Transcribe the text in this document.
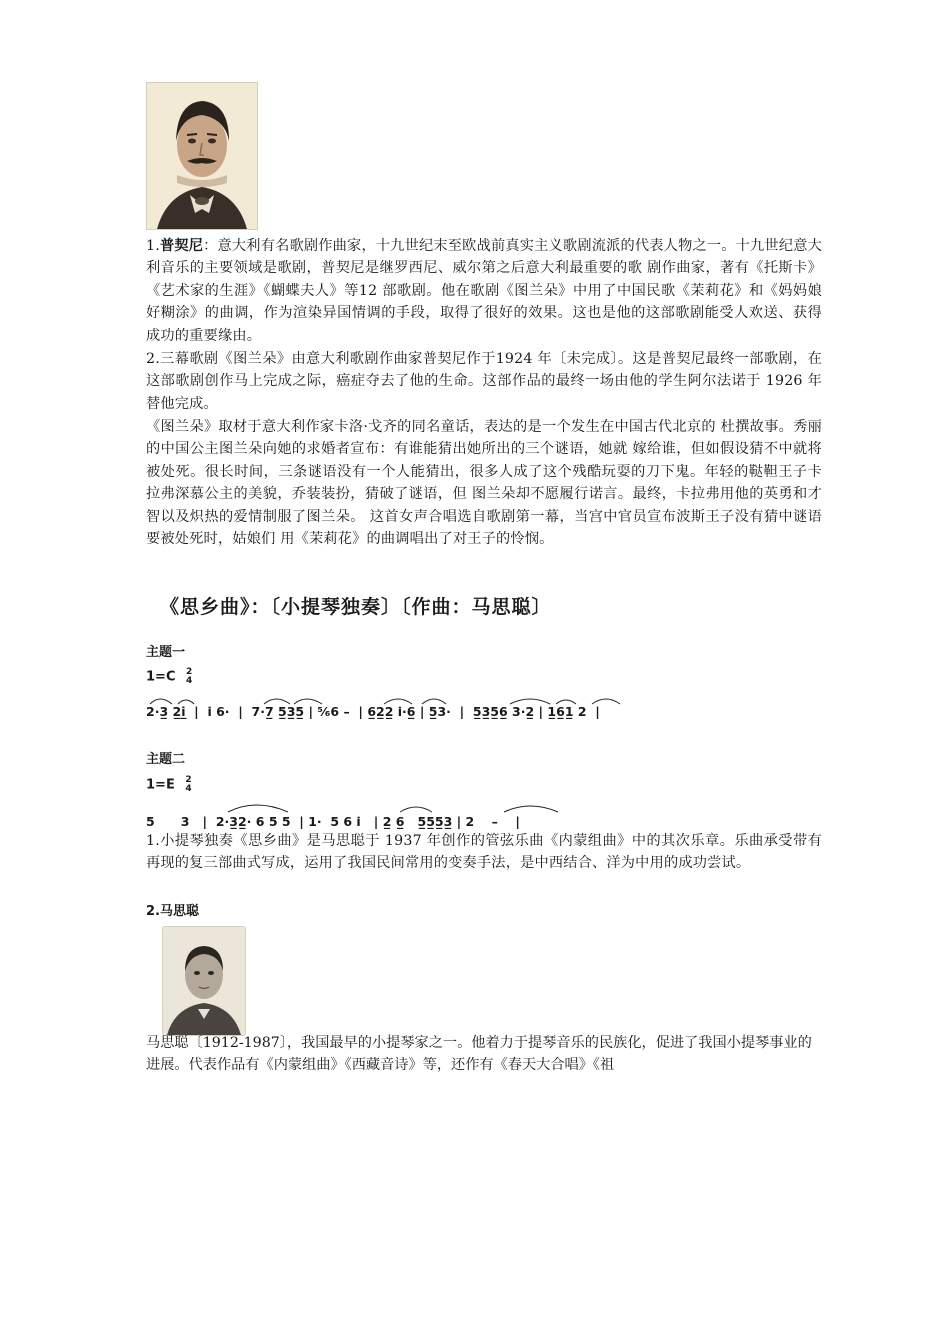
1.普契尼：意大利有名歌剧作曲家，十九世纪末至欧战前真实主义歌剧流派的代表人物之一。十九世纪意大利音乐的主要领域是歌剧，普契尼是继罗西尼、威尔第之后意大利最重要的歌 剧作曲家，著有《托斯卡》《艺术家的生涯》《蝴蝶夫人》等12 部歌剧。他在歌剧《图兰朵》中用了中国民歌《茉莉花》和《妈妈娘好糊涂》的曲调，作为渲染异国情调的手段，取得了很好的效果。这也是他的这部歌剧能受人欢送、获得成功的重要缘由。
2.三幕歌剧《图兰朵》由意大利歌剧作曲家普契尼作于1924 年〔未完成〕。这是普契尼最终一部歌剧，在这部歌剧创作马上完成之际，癌症夺去了他的生命。这部作品的最终一场由他的学生阿尔法诺于 1926 年替他完成。
《图兰朵》取材于意大利作家卡洛·戈齐的同名童话，表达的是一个发生在中国古代北京的 杜撰故事。秀丽的中国公主图兰朵向她的求婚者宣布：有谁能猜出她所出的三个谜语，她就 嫁给谁，但如假设猜不中就将被处死。很长时间，三条谜语没有一个人能猜出，很多人成了这个残酷玩耍的刀下鬼。年轻的鞑靼王子卡拉弗深慕公主的美貌，乔装装扮，猜破了谜语，但 图兰朵却不愿履行诺言。最终，卡拉弗用他的英勇和才智以及炽热的爱情制服了图兰朵。 这首女声合唱选自歌剧第一幕，当宫中官员宣布波斯王子没有猜中谜语要被处死时，姑娘们 用《茉莉花》的曲调唱出了对王子的怜悯。
《思乡曲》：〔小提琴独奏〕〔作曲：马思聪〕
主题一
1=C 2
4
2·3̲ 2̲i̲  |  i̇ 6·  |  7·7̲ 5̲3̲5̲ | ⁵⁄₆6 –  | 6̲2̲2̲ i̇·6̲ | 5̲3·  |  5̲3̲5̲6̲ 3·2̲ | 1̲6̲1̲ 2  |
主题二
1=E 2
4
5      3   |  2·3̲2̲· 6 5 5  | 1·  5 6 i̇   | 2̲ 6̲   5̲5̲5̲3̲ | 2    –    |
1.小提琴独奏《思乡曲》是马思聪于 1937 年创作的管弦乐曲《内蒙组曲》中的其次乐章。乐曲承受带有再现的复三部曲式写成，运用了我国民间常用的变奏手法，是中西结合、洋为中用的成功尝试。
2.马思聪
马思聪〔1912-1987〕，我国最早的小提琴家之一。他着力于提琴音乐的民族化，促进了我国小提琴事业的进展。代表作品有《内蒙组曲》《西藏音诗》等，还作有《春天大合唱》《祖
